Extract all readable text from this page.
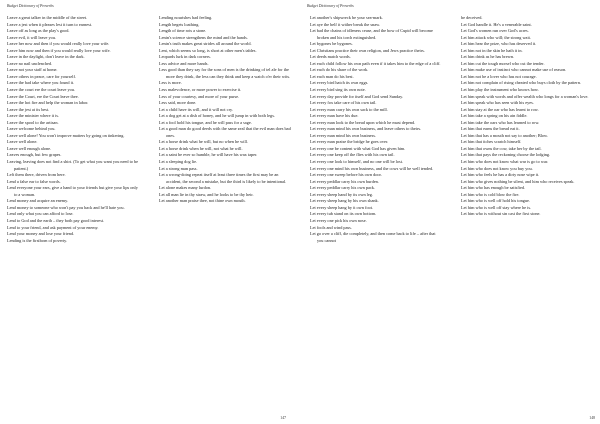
Budget Dictionary of Proverbs

Leave a great talker in the middle of the street.

Leave a jest when it pleases lest it turn to earnest.

Leave off as long as the play's good.

Leave evil, it will leave you.

Leave her now and then if you would really love your wife.

Leave him now and then if you would really love your wife.

Leave in the daylight, don't leave in the dark.

Leave no nail unclenched.

Leave not your staff at home.

Leave others in peace, care for yourself.

Leave the bad take where you found it.

Leave the court ere the court leave you.

Leave the Court, ere the Court leave thee.

Leave the hot fire and help the woman in labor.

Leave the jest at its best.

Leave the minister where it is.

Leave the spool to the artisan.

Leave welcome behind you.

Leave well alone! You won't improve matters by going on tinkering.

Leave well alone.

Leave well enough alone.

Leaves enough, but few grapes.

Leaving, leaving does not find a shirt. (To get what you want you need to be patient.)

Left them there, driven from here.

Lend a false ear to false words.

Lend everyone your ears, give a hand to your friends but give your lips only to a woman.

Lend money and acquire an enemy.

Lend money to someone who won't pay you back and he'll hate you.

Lend only what you can afford to lose.

Lend to God and the earth – they both pay good interest.

Lend to your friend, and ask payment of your enemy.

Lend your money and lose your friend.

Lending is the firstborn of poverty.

Lending nourishes bad feeling.

Length begets loathing.

Length of time rots a stone.

Lenin's science strengthens the mind and the hands.

Lenin's truth makes great strides all around the world.

Lent, which seems so long, is short at other men's tables.

Leopards lurk in dark corners.

Less advice and more hands.

Less good than they say for the sons of men is the drinking of tel ale for the more they drink, the less can they think and keep a watch o'er their wits.

Less is more.

Less malevolence, or more power to exercise it.

Less of your courtesy, and more of your purse.

Less said, more done.

Let a child have its will, and it will not cry.

Let a dog get at a dish of honey, and he will jump in with both legs.

Let a fool hold his tongue, and he will pass for a sage.

Let a good man do good deeds with the same zeal that the evil man does bad ones.

Let a horse drink what he will, but no when he will.

Let a horse drink when he will, not what he will.

Let a saint be ever so humble, he will have his wax taper.

Let a sleeping dog lie.

Let a strong man pass.

Let a wrong-doing repeat itself at least three times the first may be an accident, the second a mistake, but the third is likely to be intentional.

Let alone makes many lurdon.

Let all man lie in thy straw, and he looks to be thy heir.

Let another man praise thee, not thine own mouth.

147
Budget Dictionary of Proverbs

Let another's shipwreck be your sea-mark.

Let aye the belf it wither break the snaw.

Let bad the chains of idleness cease, and the bow of Cupid will become broken and his torch extinguished.

Let bygones be bygones.

Let Christians practice their own religion, and Jews practice theirs.

Let deeds match words.

Let each child follow his own path even if it takes him to the edge of a cliff.

Let each do his share of the work.

Let each man do his best.

Let every bird hatch its own eggs.

Let every bird sing its own note.

Let every day provide for itself and God send Sunday.

Let every fox take care of his own tail.

Let every man carry his own sack to the mill.

Let every man have his due.

Let every man look to the bread upon which he must depend.

Let every man mind his own business, and leave others to theirs.

Let every man mind his own business.

Let every man praise the bridge he goes over.

Let every one be content with what God has given him.

Let every one keep off the flies with his own tail.

Let every one look to himself, and no one will be lost.

Let every one mind his own business, and the cows will be well tended.

Let every one sweep before his own door.

Let every peddlar carry his own burden.

Let every peddlar carry his own pack.

Let every sheep hand by its own leg.

Let every sheep hang by his own shank.

Let every sheep hang by it own foot.

Let every tub stand on its own bottom.

Let every one pick his own nose.

Let fools and wind pass.

Let go over a cliff, die completely, and then come back to life – after that you cannot

be deceived.

Let God handle it. He's a venerable saint.

Let God's women run over God's acres.

Let him attack who will; the strong wait.

Let him hear the prize, who has deserved it.

Let him not in the skin he hath it in.

Let him drink as he has brewn.

Let him cut the tough morsel who cut the tender.

Let him make use of instinct who cannot make use of reason.

Let him not be a lover who has not courage.

Let him not complain of rising cheated who buys cloth by the pattern.

Let him play the instrument who knows how.

Let him speak with words and offer wealth who longs for a woman's love.

Let him speak who has seen with his eyes.

Let him stay at the oar who has learnt to row.

Let him take a spring on his ain fiddle.

Let him take the oars who has learned to row.

Let him that earns the bread eat it.

Let him that has a mouth not say to another; Blow.

Let him that itches scratch himself.

Let him that owns the cow, take her by the tail.

Let him that pays the reckoning choose the lodging.

Let him who does not know what war is go to war.

Let him who does not know you buy you.

Let him who feels he has a dirty nose wipe it.

Let him who gives nothing be silent, and him who receives speak.

Let him who has enough be satisfied.

Let him who is cold blow the fire.

Let him who is well off hold his tongue.

Let him who is well off stay where he is.

Let him who is without sin cast the first stone.

148
